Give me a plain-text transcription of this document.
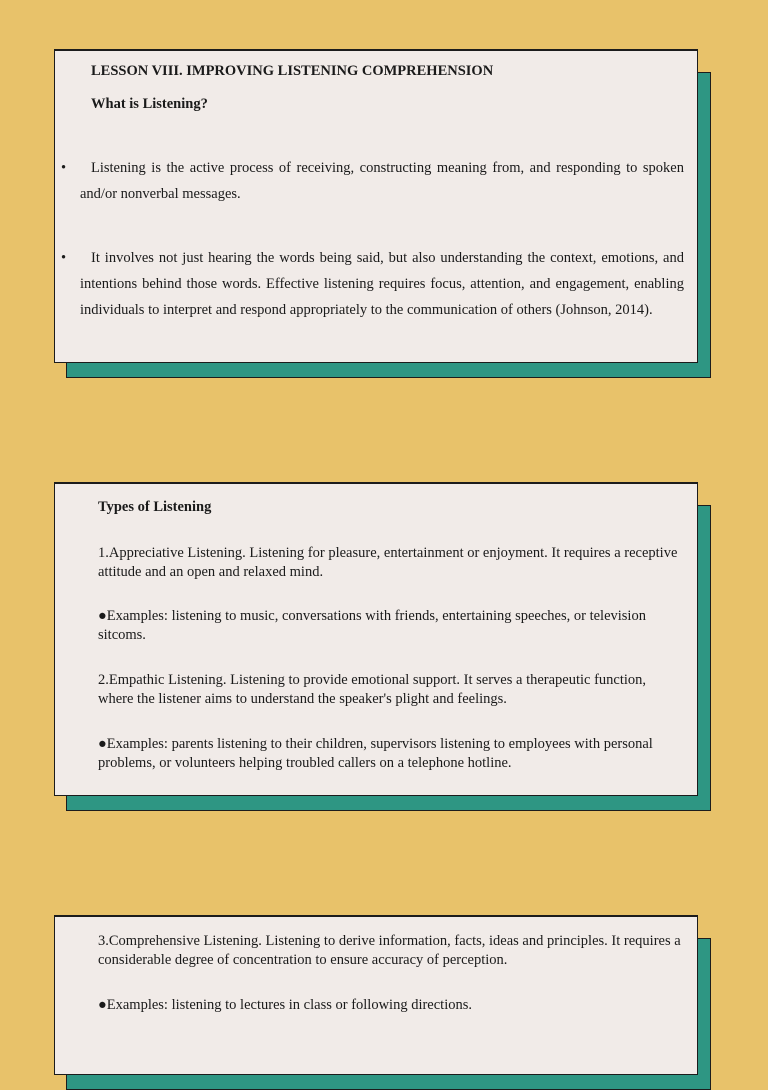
LESSON VIII. IMPROVING LISTENING COMPREHENSION
What is Listening?
•	Listening is the active process of receiving, constructing meaning from, and responding to spoken and/or nonverbal messages.
•	It involves not just hearing the words being said, but also understanding the context, emotions, and intentions behind those words. Effective listening requires focus, attention, and engagement, enabling individuals to interpret and respond appropriately to the communication of others (Johnson, 2014).
Types of Listening
1.Appreciative Listening. Listening for pleasure, entertainment or enjoyment. It requires a receptive attitude and an open and relaxed mind.
●Examples: listening to music, conversations with friends, entertaining speeches, or television sitcoms.
2.Empathic Listening. Listening to provide emotional support. It serves a therapeutic function, where the listener aims to understand the speaker's plight and feelings.
●Examples: parents listening to their children, supervisors listening to employees with personal problems, or volunteers helping troubled callers on a telephone hotline.
3.Comprehensive Listening. Listening to derive information, facts, ideas and principles. It requires a considerable degree of concentration to ensure accuracy of perception.
●Examples: listening to lectures in class or following directions.
